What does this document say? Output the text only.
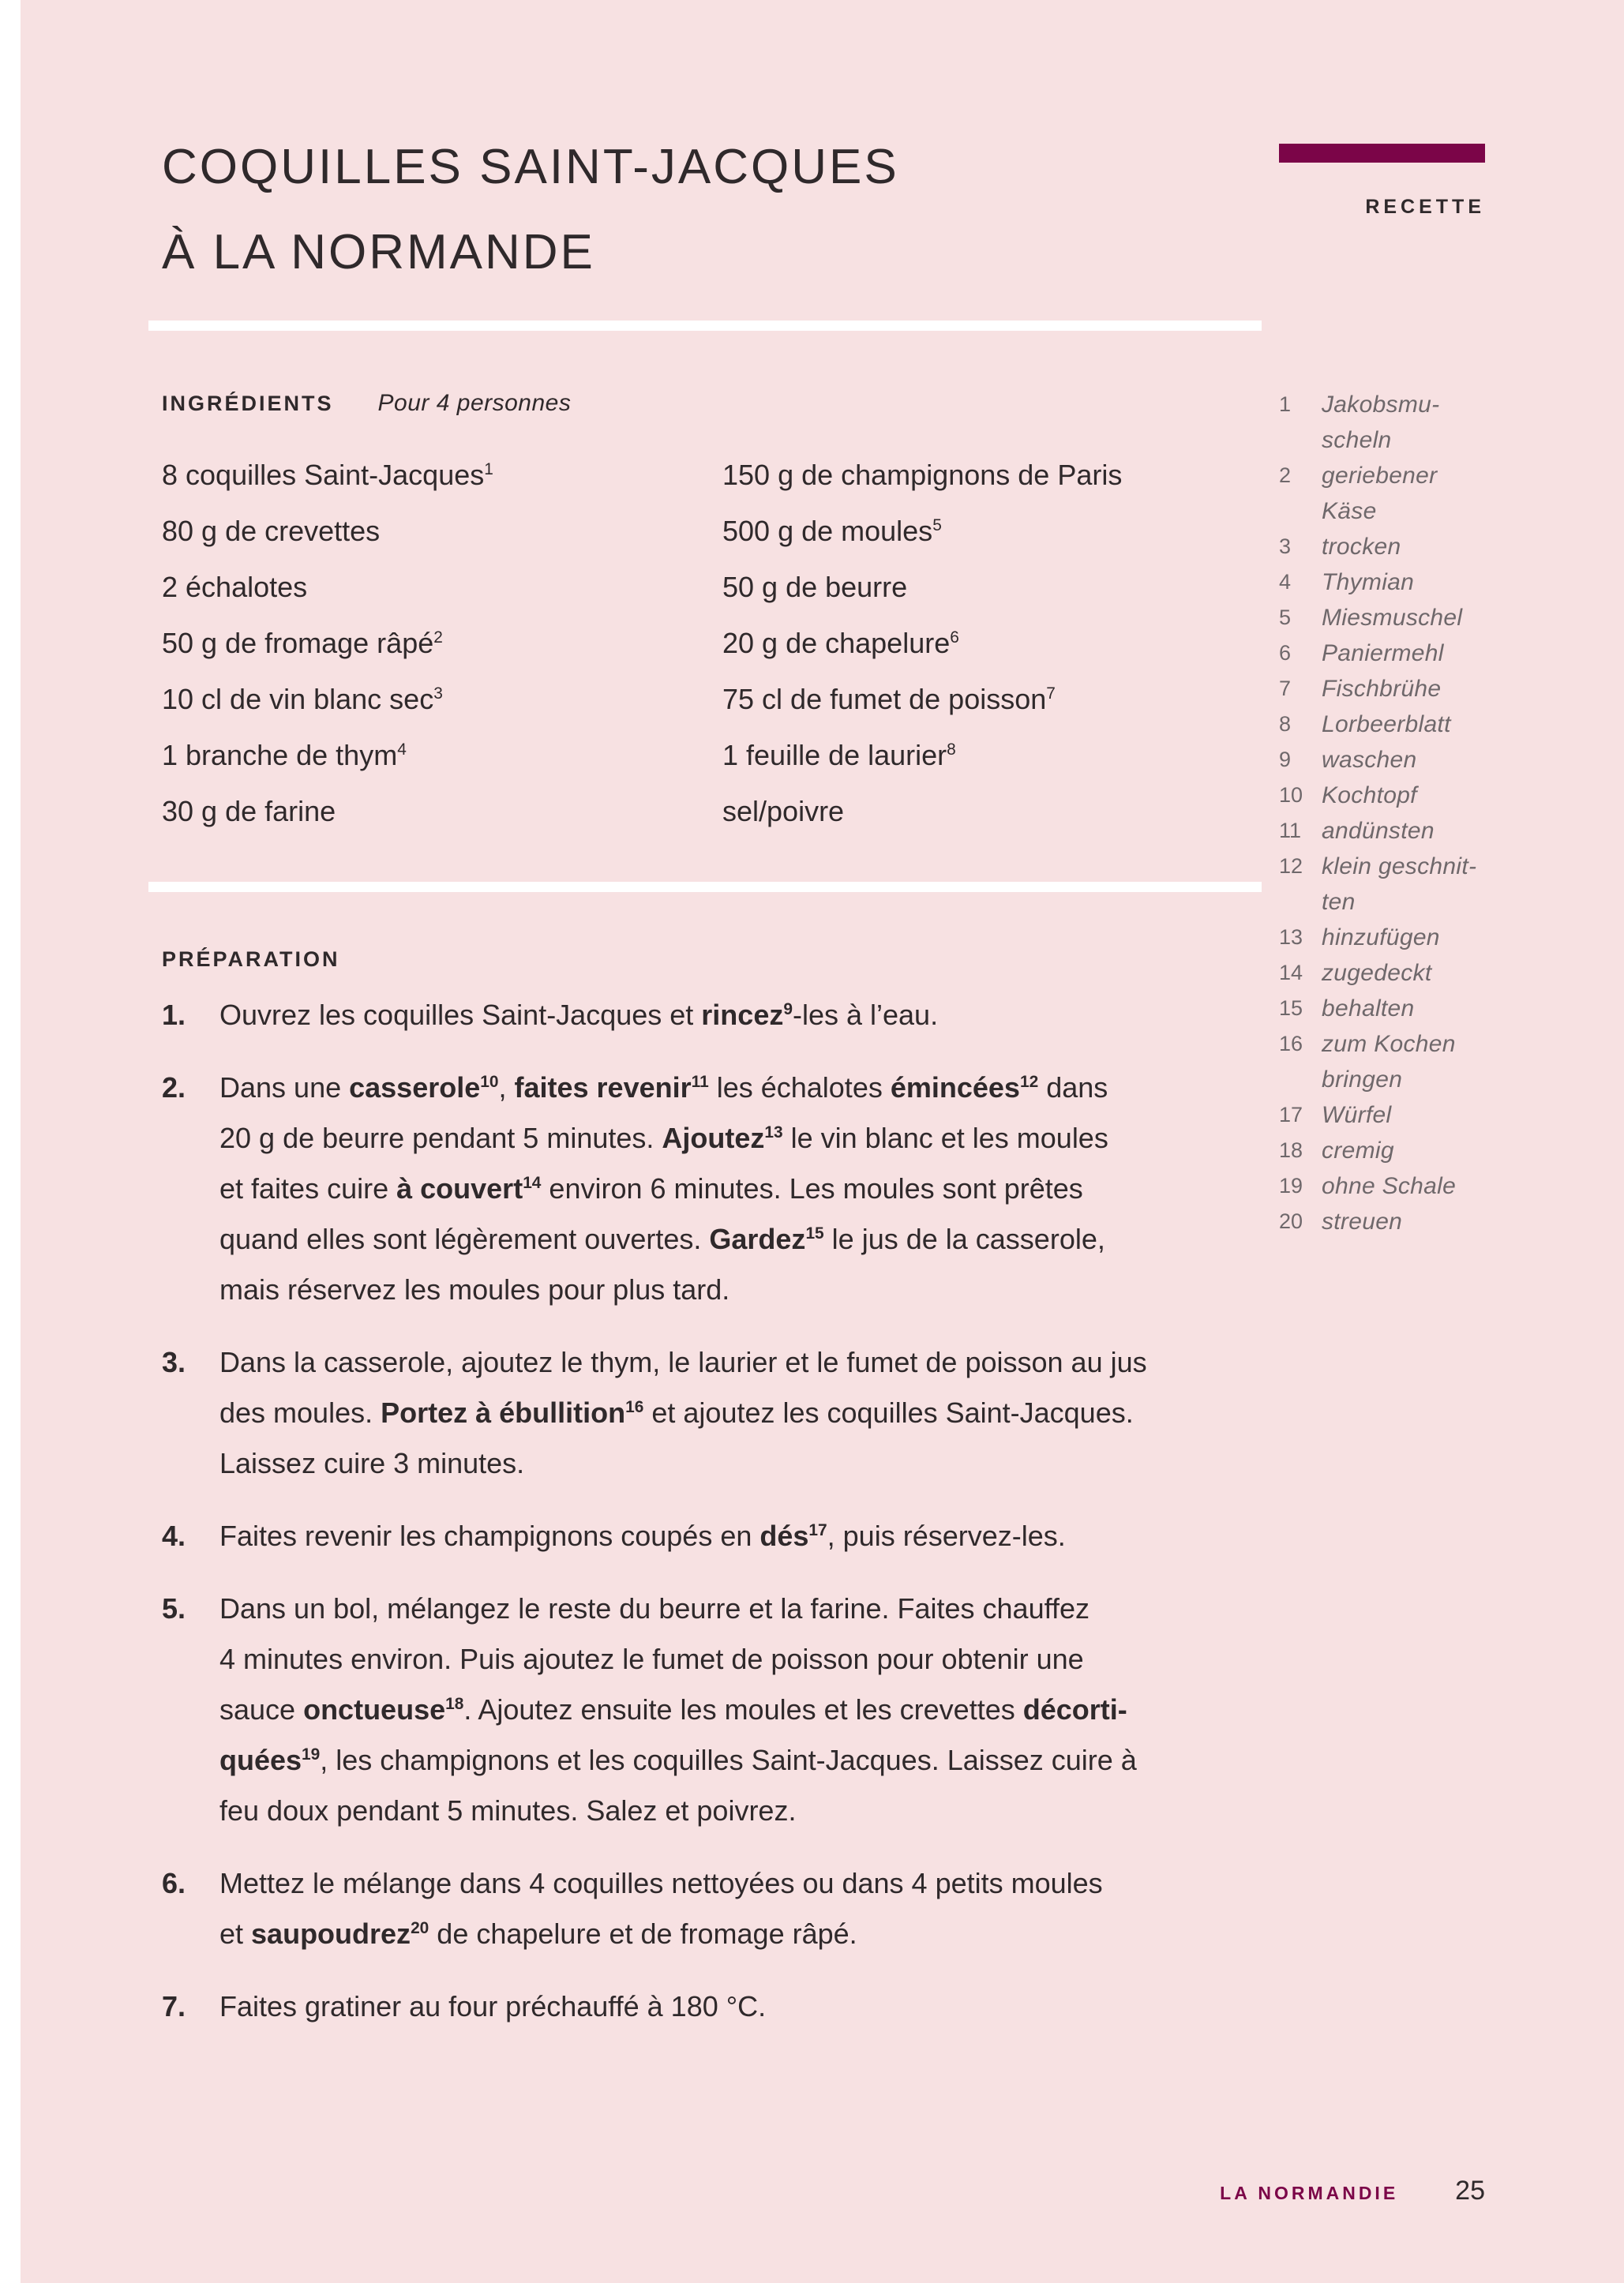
COQUILLES SAINT-JACQUES
À LA NORMANDE
RECETTE
INGRÉDIENTS Pour 4 personnes
8 coquilles Saint-Jacques$^1$
80 g de crevettes
2 échalotes
50 g de fromage râpé$^2$
10 cl de vin blanc $\sec^3$
1 branche de thym$^4$
30 g de farine
150 g de champignons de Paris
500 g de moules$^5$
50 g de beurre
20 g de chapelure$^6$
75 cl de fumet de poisson$^7$
1 feuille de laurier$^8$
sel/poivre
PRÉPARATION
1.	Ouvrez les coquilles Saint-Jacques et rincez$^9$-les à l’eau.
2.	Dans une casserole$^{10}$, faites revenir$^{11}$ les échalotes émincées$^{12}$ dans
20 g de beurre pendant 5 minutes. Ajoutez$^{13}$ le vin blanc et les moules
et faites cuire à couvert$^{14}$ environ 6 minutes. Les moules sont prêtes
quand elles sont légèrement ouvertes. Gardez$^{15}$ le jus de la casserole,
mais réservez les moules pour plus tard.
3.	Dans la casserole, ajoutez le thym, le laurier et le fumet de poisson au jus
des moules. Portez à ébullition$^{16}$ et ajoutez les coquilles Saint-Jacques.
Laissez cuire 3 minutes.
4.	Faites revenir les champignons coupés en dés$^{17}$, puis réservez-les.
5.	Dans un bol, mélangez le reste du beurre et la farine. Faites chauffez
4 minutes environ. Puis ajoutez le fumet de poisson pour obtenir une
sauce onctueuse$^{18}$. Ajoutez ensuite les moules et les crevettes décorti-
quées$^{19}$, les champignons et les coquilles Saint-Jacques. Laissez cuire à
feu doux pendant 5 minutes. Salez et poivrez.
6.	Mettez le mélange dans 4 coquilles nettoyées ou dans 4 petits moules
et saupoudrez$^{20}$ de chapelure et de fromage râpé.
7.	Faites gratiner au four préchauffé à 180 °C.
1	Jakobsmu-
scheln
2	geriebener
Käse
3	trocken
4	Thymian
5	Miesmuschel
6	Paniermehl
7	Fischbrühe
8	Lorbeerblatt
9	waschen
10 Kochtopf
11 andünsten
12 klein geschnit-
ten
13 hinzufügen
14 zugedeckt
15 behalten
16 zum Kochen
bringen
17 Würfel
18 cremig
19 ohne Schale
20 streuen
LA NORMANDIE 25
